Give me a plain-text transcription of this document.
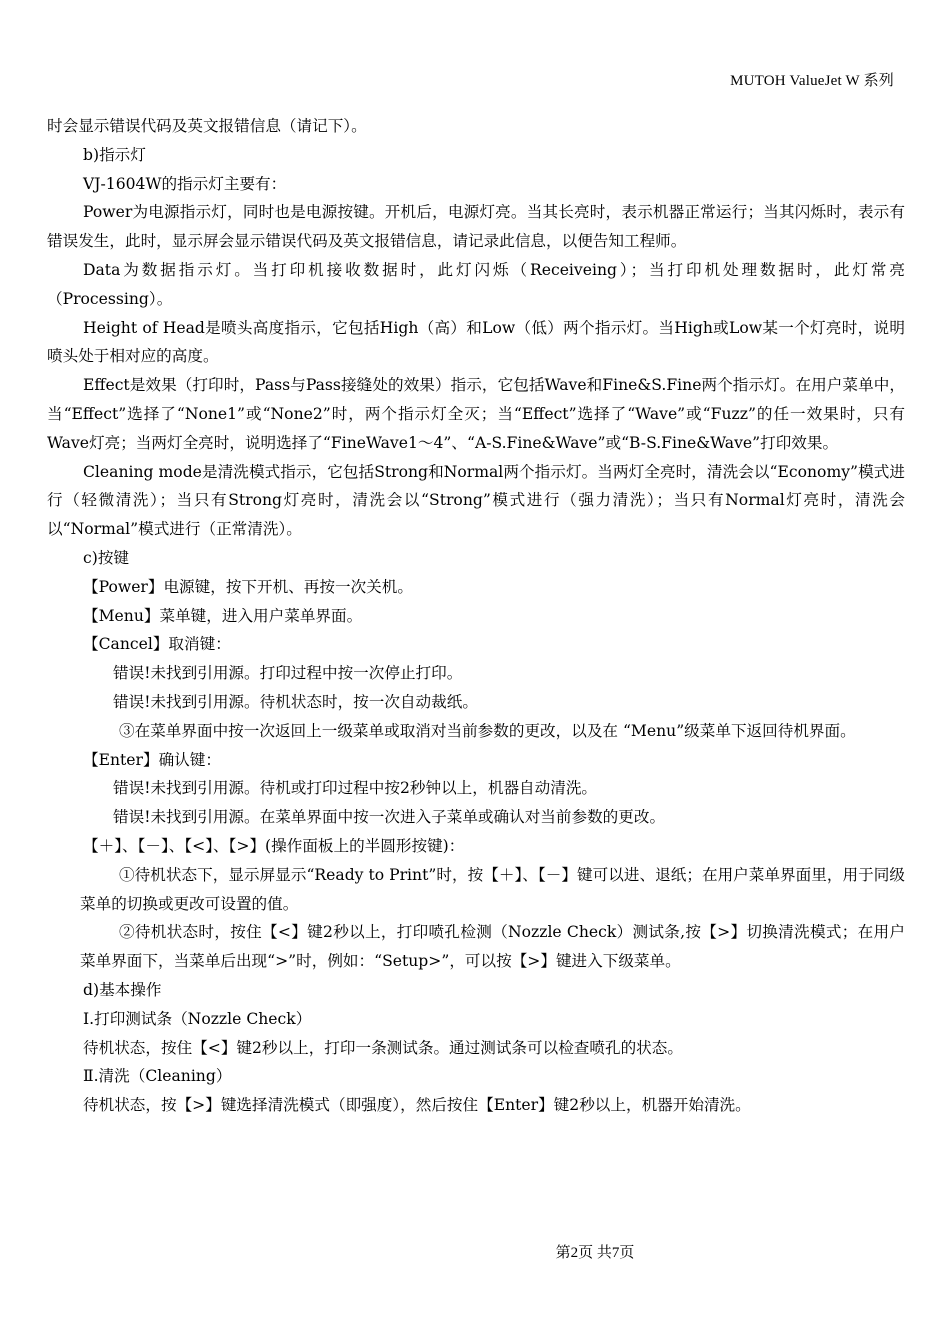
MUTOH ValueJet W 系列

时会显示错误代码及英文报错信息（请记下）。

b)指示灯

VJ-1604W的指示灯主要有：

Power为电源指示灯，同时也是电源按键。开机后，电源灯亮。当其长亮时，表示机器正常运行；当其闪烁时，表示有错误发生，此时，显示屏会显示错误代码及英文报错信息，请记录此信息，以便告知工程师。

Data为数据指示灯。当打印机接收数据时，此灯闪烁（Receiveing）；当打印机处理数据时，此灯常亮（Processing）。

Height of Head是喷头高度指示，它包括High（高）和Low（低）两个指示灯。当High或Low某一个灯亮时，说明喷头处于相对应的高度。

Effect是效果（打印时，Pass与Pass接缝处的效果）指示，它包括Wave和Fine&S.Fine两个指示灯。在用户菜单中，当“Effect”选择了“None1”或“None2”时，两个指示灯全灭；当“Effect”选择了“Wave”或“Fuzz”的任一效果时，只有Wave灯亮；当两灯全亮时，说明选择了“FineWave1～4”、“A-S.Fine&Wave”或“B-S.Fine&Wave”打印效果。

Cleaning mode是清洗模式指示，它包括Strong和Normal两个指示灯。当两灯全亮时，清洗会以“Economy”模式进行（轻微清洗）；当只有Strong灯亮时，清洗会以“Strong”模式进行（强力清洗）；当只有Normal灯亮时，清洗会以“Normal”模式进行（正常清洗）。

c)按键

【Power】电源键，按下开机、再按一次关机。

【Menu】菜单键，进入用户菜单界面。

【Cancel】取消键：

错误!未找到引用源。打印过程中按一次停止打印。

错误!未找到引用源。待机状态时，按一次自动裁纸。

③在菜单界面中按一次返回上一级菜单或取消对当前参数的更改，以及在 “Menu”级菜单下返回待机界面。

【Enter】确认键：

错误!未找到引用源。待机或打印过程中按2秒钟以上，机器自动清洗。

错误!未找到引用源。在菜单界面中按一次进入子菜单或确认对当前参数的更改。

【＋】、【－】、【<】、【>】(操作面板上的半圆形按键)：

①待机状态下，显示屏显示“Ready to Print”时，按【＋】、【－】键可以进、退纸；在用户菜单界面里，用于同级菜单的切换或更改可设置的值。

②待机状态时，按住【<】键2秒以上，打印喷孔检测（Nozzle Check）测试条,按【>】切换清洗模式；在用户菜单界面下，当菜单后出现“>”时，例如：“Setup>”，可以按【>】键进入下级菜单。

d)基本操作

Ⅰ.打印测试条（Nozzle Check）

待机状态，按住【<】键2秒以上，打印一条测试条。通过测试条可以检查喷孔的状态。

Ⅱ.清洗（Cleaning）

待机状态，按【>】键选择清洗模式（即强度），然后按住【Enter】键2秒以上，机器开始清洗。

第2页 共7页
